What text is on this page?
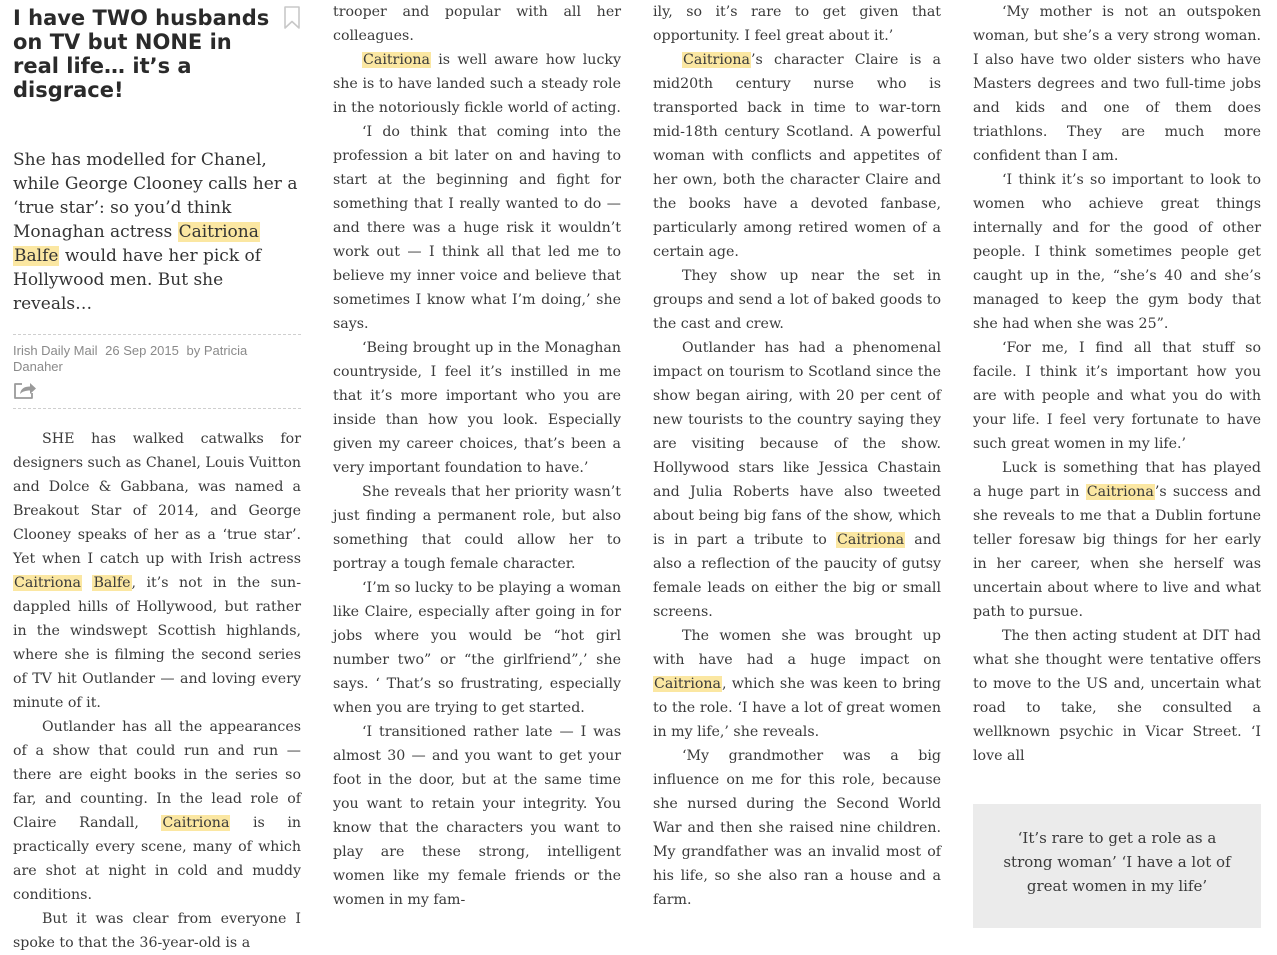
I have TWO husbands on TV but NONE in real life… it’s a disgrace!

She has modelled for Chanel, while George Clooney calls her a ‘true star’: so you’d think Monaghan actress Caitriona Balfe would have her pick of Hollywood men. But she reveals…

Irish Daily Mail 26 Sep 2015 by Patricia Danaher

SHE has walked catwalks for designers such as Chanel, Louis Vuitton and Dolce & Gabbana, was named a Breakout Star of 2014, and George Clooney speaks of her as a ‘true star’. Yet when I catch up with Irish actress Caitriona Balfe, it’s not in the sun-dappled hills of Hollywood, but rather in the windswept Scottish highlands, where she is filming the second series of TV hit Outlander — and loving every minute of it.

Outlander has all the appearances of a show that could run and run — there are eight books in the series so far, and counting. In the lead role of Claire Randall, Caitriona is in practically every scene, many of which are shot at night in cold and muddy conditions.

But it was clear from everyone I spoke to that the 36-year-old is a

trooper and popular with all her colleagues.

Caitriona is well aware how lucky she is to have landed such a steady role in the notoriously fickle world of acting.

‘I do think that coming into the profession a bit later on and having to start at the beginning and fight for something that I really wanted to do — and there was a huge risk it wouldn’t work out — I think all that led me to believe my inner voice and believe that sometimes I know what I’m doing,’ she says.

‘Being brought up in the Monaghan countryside, I feel it’s instilled in me that it’s more important who you are inside than how you look. Especially given my career choices, that’s been a very important foundation to have.’

She reveals that her priority wasn’t just finding a permanent role, but also something that could allow her to portray a tough female character.

‘I’m so lucky to be playing a woman like Claire, especially after going in for jobs where you would be “hot girl number two” or “the girlfriend”,’ she says. ‘ That’s so frustrating, especially when you are trying to get started.

‘I transitioned rather late — I was almost 30 — and you want to get your foot in the door, but at the same time you want to retain your integrity. You know that the characters you want to play are these strong, intelligent women like my female friends or the women in my fam-

ily, so it’s rare to get given that opportunity. I feel great about it.’

Caitriona’s character Claire is a mid20th century nurse who is transported back in time to war-torn mid-18th century Scotland. A powerful woman with conflicts and appetites of her own, both the character Claire and the books have a devoted fanbase, particularly among retired women of a certain age.

They show up near the set in groups and send a lot of baked goods to the cast and crew.

Outlander has had a phenomenal impact on tourism to Scotland since the show began airing, with 20 per cent of new tourists to the country saying they are visiting because of the show. Hollywood stars like Jessica Chastain and Julia Roberts have also tweeted about being big fans of the show, which is in part a tribute to Caitriona and also a reflection of the paucity of gutsy female leads on either the big or small screens.

The women she was brought up with have had a huge impact on Caitriona, which she was keen to bring to the role. ‘I have a lot of great women in my life,’ she reveals.

‘My grandmother was a big influence on me for this role, because she nursed during the Second World War and then she raised nine children. My grandfather was an invalid most of his life, so she also ran a house and a farm.

‘My mother is not an outspoken woman, but she’s a very strong woman. I also have two older sisters who have Masters degrees and two full-time jobs and kids and one of them does triathlons. They are much more confident than I am.

‘I think it’s so important to look to women who achieve great things internally and for the good of other people. I think sometimes people get caught up in the, “she’s 40 and she’s managed to keep the gym body that she had when she was 25”.

‘For me, I find all that stuff so facile. I think it’s important how you are with people and what you do with your life. I feel very fortunate to have such great women in my life.’

Luck is something that has played a huge part in Caitriona’s success and she reveals to me that a Dublin fortune teller foresaw big things for her early in her career, when she herself was uncertain about where to live and what path to pursue.

The then acting student at DIT had what she thought were tentative offers to move to the US and, uncertain what road to take, she consulted a wellknown psychic in Vicar Street. ‘I love all

‘It’s rare to get a role as a strong woman’ ‘I have a lot of great women in my life’
